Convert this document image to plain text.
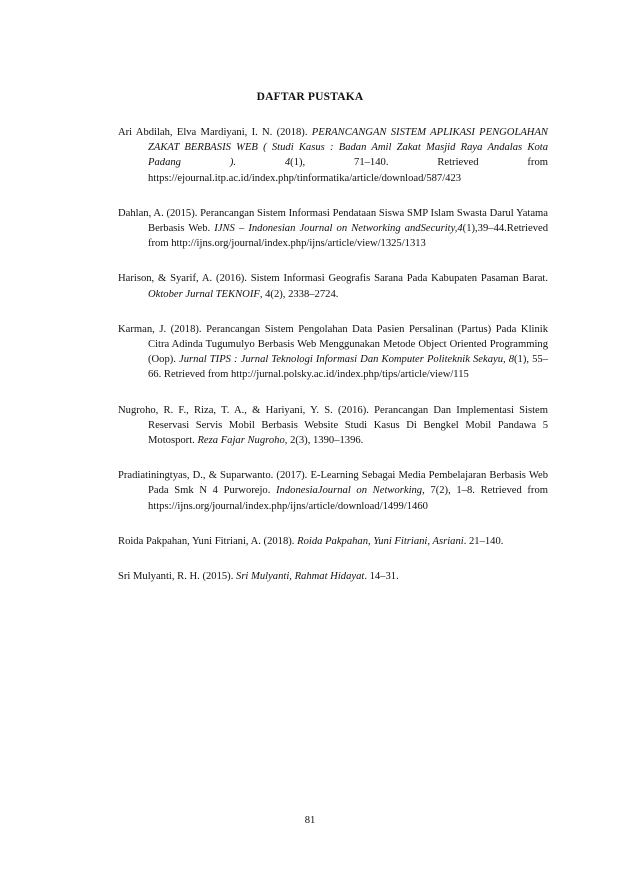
DAFTAR PUSTAKA

Ari Abdilah, Elva Mardiyani, I. N. (2018). PERANCANGAN SISTEM APLIKASI PENGOLAHAN ZAKAT BERBASIS WEB ( Studi Kasus : Badan Amil Zakat Masjid Raya Andalas Kota Padang ). 4(1), 71–140. Retrieved from https://ejournal.itp.ac.id/index.php/tinformatika/article/download/587/423

Dahlan, A. (2015). Perancangan Sistem Informasi Pendataan Siswa SMP Islam Swasta Darul Yatama Berbasis Web. IJNS – Indonesian Journal on Networking andSecurity,4(1),39–44.Retrieved from http://ijns.org/journal/index.php/ijns/article/view/1325/1313

Harison, & Syarif, A. (2016). Sistem Informasi Geografis Sarana Pada Kabupaten Pasaman Barat. Oktober Jurnal TEKNOIF, 4(2), 2338–2724.

Karman, J. (2018). Perancangan Sistem Pengolahan Data Pasien Persalinan (Partus) Pada Klinik Citra Adinda Tugumulyo Berbasis Web Menggunakan Metode Object Oriented Programming (Oop). Jurnal TIPS : Jurnal Teknologi Informasi Dan Komputer Politeknik Sekayu, 8(1), 55–66. Retrieved from http://jurnal.polsky.ac.id/index.php/tips/article/view/115

Nugroho, R. F., Riza, T. A., & Hariyani, Y. S. (2016). Perancangan Dan Implementasi Sistem Reservasi Servis Mobil Berbasis Website Studi Kasus Di Bengkel Mobil Pandawa 5 Motosport. Reza Fajar Nugroho, 2(3), 1390–1396.

Pradiatiningtyas, D., & Suparwanto. (2017). E-Learning Sebagai Media Pembelajaran Berbasis Web Pada Smk N 4 Purworejo. IndonesiaJournal on Networking, 7(2), 1–8. Retrieved from https://ijns.org/journal/index.php/ijns/article/download/1499/1460

Roida Pakpahan, Yuni Fitriani, A. (2018). Roida Pakpahan, Yuni Fitriani, Asriani. 21–140.

Sri Mulyanti, R. H. (2015). Sri Mulyanti, Rahmat Hidayat. 14–31.

81
